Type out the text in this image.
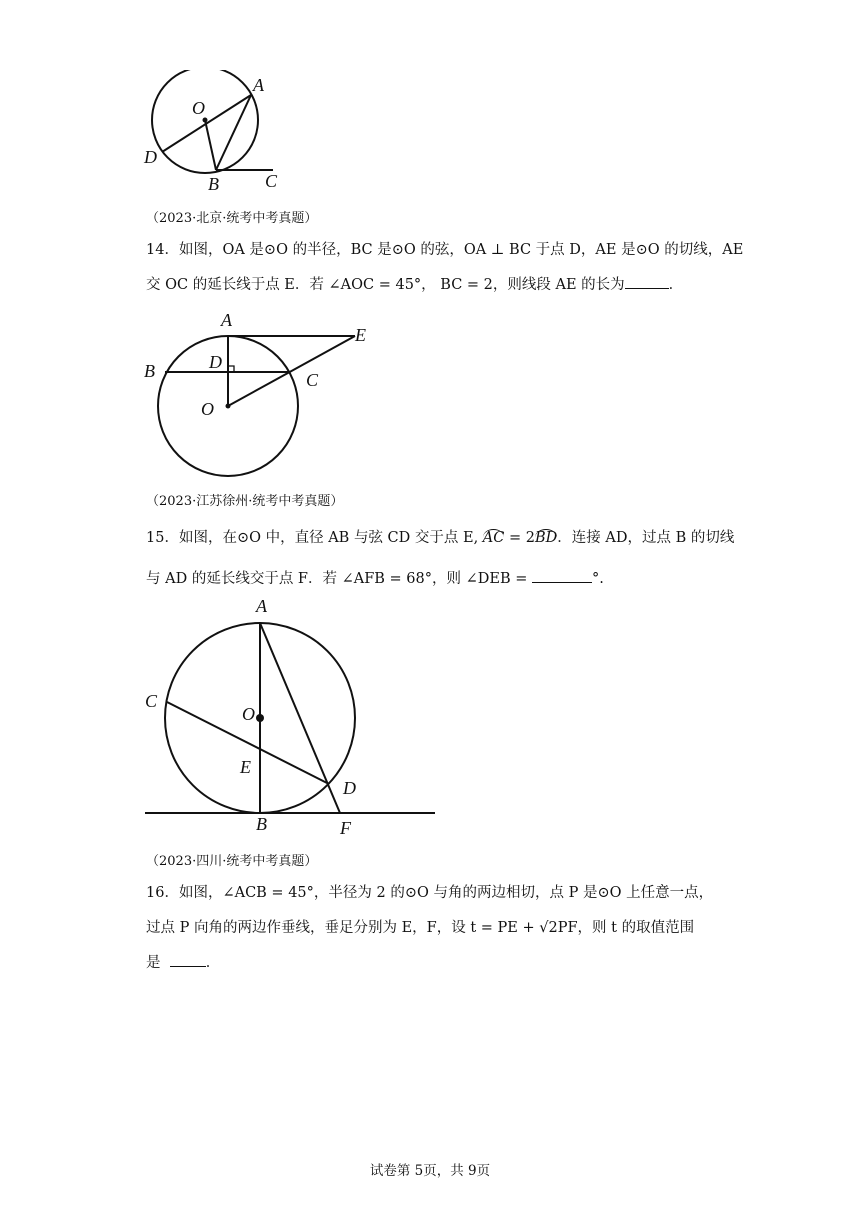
A
O
D
B	C
（2023·北京·统考中考真题）
14．如图，OA 是⊙O 的半径，BC 是⊙O 的弦，OA ⊥ BC 于点 D，AE 是⊙O 的切线，AE
交 OC 的延长线于点 E．若 ∠AOC = 45°， BC = 2，则线段 AE 的长为	．
A
E
B	D
C
O
（2023·江苏徐州·统考中考真题）
15．如图，在⊙O 中，直径 AB 与弦 CD 交于点 E, AC = 2BD．连接 AD，过点 B 的切线
与 AD 的延长线交于点 F．若 ∠AFB = 68°，则 ∠DEB =	°.
A
C
O
E
D
B	F
（2023·四川·统考中考真题）
16．如图，∠ACB = 45°，半径为 2 的⊙O 与角的两边相切，点 P 是⊙O 上任意一点，
过点 P 向角的两边作垂线，垂足分别为 E，F，设 t = PE + √2PF，则 t 的取值范围
是	．
试卷第 5页，共 9页
